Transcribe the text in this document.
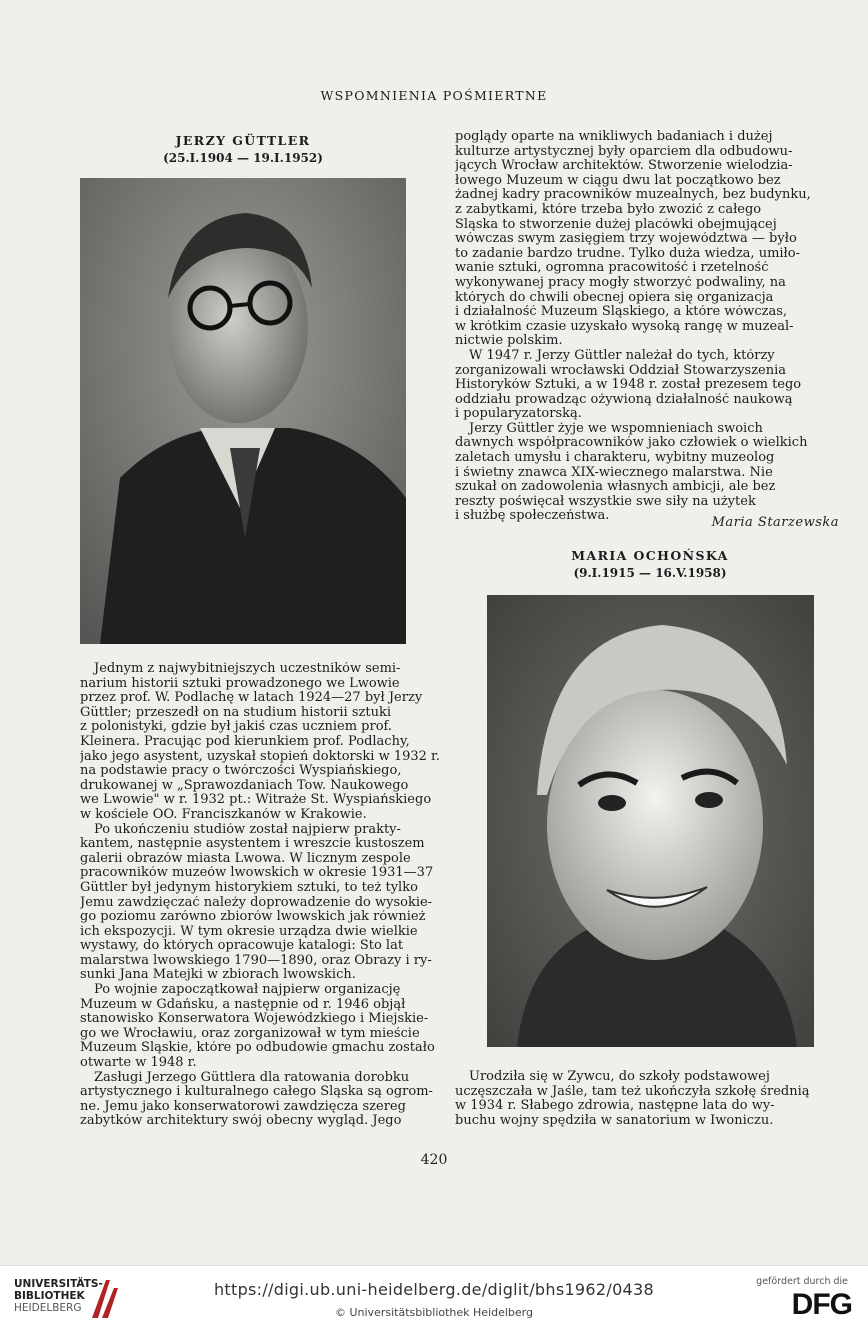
WSPOMNIENIA POŚMIERTNE
JERZY GÜTTLER
(25.I.1904 — 19.I.1952)

Jednym z najwybitniejszych uczestników semi-
narium historii sztuki prowadzonego we Lwowie
przez prof. W. Podlachę w latach 1924—27 był Jerzy
Güttler; przeszedł on na studium historii sztuki
z polonistyki, gdzie był jakiś czas uczniem prof.
Kleinera. Pracując pod kierunkiem prof. Podlachy,
jako jego asystent, uzyskał stopień doktorski w 1932 r.
na podstawie pracy o twórczości Wyspiańskiego,
drukowanej w „Sprawozdaniach Tow. Naukowego
we Lwowie" w r. 1932 pt.: Witraże St. Wyspiańskiego
w kościele OO. Franciszkanów w Krakowie.
Po ukończeniu studiów został najpierw prakty-
kantem, następnie asystentem i wreszcie kustoszem
galerii obrazów miasta Lwowa. W licznym zespole
pracowników muzeów lwowskich w okresie 1931—37
Güttler był jedynym historykiem sztuki, to też tylko
Jemu zawdzięczać należy doprowadzenie do wysokie-
go poziomu zarówno zbiorów lwowskich jak również
ich ekspozycji. W tym okresie urządza dwie wielkie
wystawy, do których opracowuje katalogi: Sto lat
malarstwa lwowskiego 1790—1890, oraz Obrazy i ry-
sunki Jana Matejki w zbiorach lwowskich.
Po wojnie zapoczątkował najpierw organizację
Muzeum w Gdańsku, a następnie od r. 1946 objął
stanowisko Konserwatora Wojewódzkiego i Miejskie-
go we Wrocławiu, oraz zorganizował w tym mieście
Muzeum Śląskie, które po odbudowie gmachu zostało
otwarte w 1948 r.
Zasługi Jerzego Güttlera dla ratowania dorobku
artystycznego i kulturalnego całego Śląska są ogrom-
ne. Jemu jako konserwatorowi zawdzięcza szereg
zabytków architektury swój obecny wygląd. Jego
poglądy oparte na wnikliwych badaniach i dużej
kulturze artystycznej były oparciem dla odbudowu-
jących Wrocław architektów. Stworzenie wielodzia-
łowego Muzeum w ciągu dwu lat początkowo bez
żadnej kadry pracowników muzealnych, bez budynku,
z zabytkami, które trzeba było zwozić z całego
Śląska to stworzenie dużej placówki obejmującej
wówczas swym zasięgiem trzy województwa — było
to zadanie bardzo trudne. Tylko duża wiedza, umiło-
wanie sztuki, ogromna pracowitość i rzetelność
wykonywanej pracy mogły stworzyć podwaliny, na
których do chwili obecnej opiera się organizacja
i działalność Muzeum Śląskiego, a które wówczas,
w krótkim czasie uzyskało wysoką rangę w muzeal-
nictwie polskim.
W 1947 r. Jerzy Güttler należał do tych, którzy
zorganizowali wrocławski Oddział Stowarzyszenia
Historyków Sztuki, a w 1948 r. został prezesem tego
oddziału prowadząc ożywioną działalność naukową
i popularyzatorską.
Jerzy Güttler żyje we wspomnieniach swoich
dawnych współpracowników jako człowiek o wielkich
zaletach umysłu i charakteru, wybitny muzeolog
i świetny znawca XIX-wiecznego malarstwa. Nie
szukał on zadowolenia własnych ambicji, ale bez
reszty poświęcał wszystkie swe siły na użytek
i służbę społeczeństwa.	Maria Starzewska
MARIA OCHOŃSKA
(9.I.1915 — 16.V.1958)
Urodziła się w Żywcu, do szkoły podstawowej
uczęszczała w Jaśle, tam też ukończyła szkołę średnią
w 1934 r. Słabego zdrowia, następne lata do wy-
buchu wojny spędziła w sanatorium w Iwoniczu.
420
UNIVERSITÄTS-
BIBLIOTHEK
HEIDELBERG
https://digi.ub.uni-heidelberg.de/diglit/bhs1962/0438
© Universitätsbibliothek Heidelberg
gefördert durch die
DFG
